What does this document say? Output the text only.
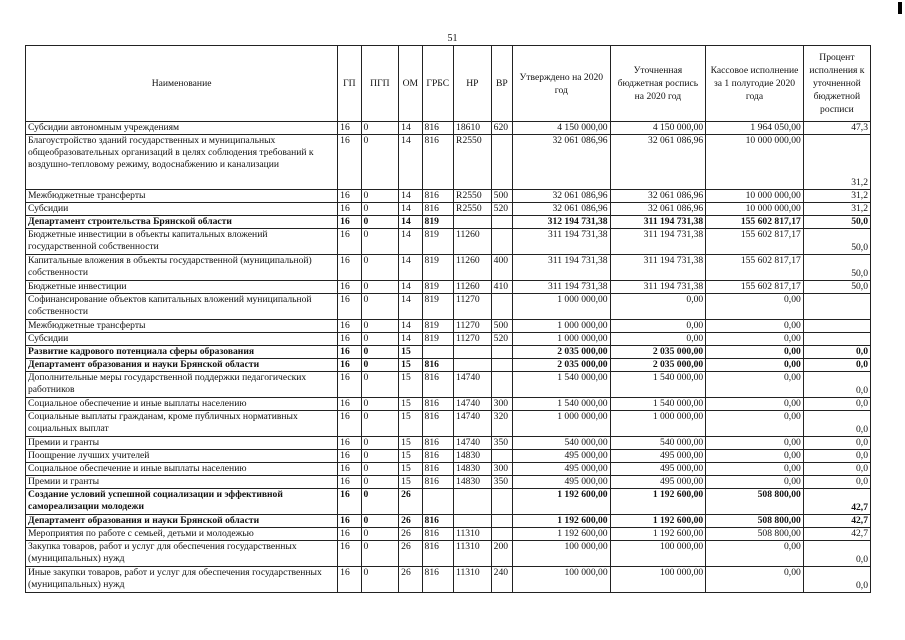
51
Наименование	ГП	ПГП	ОМ	ГРБС	НР	ВР	Утверждено на 2020 год	Уточненная бюджетная роспись на 2020 год	Кассовое исполнение за 1 полугодие 2020 года	Процент исполнения к уточненной бюджетной росписи
Субсидии автономным учреждениям	16	0	14	816	18610	620	4 150 000,00	4 150 000,00	1 964 050,00	47,3
Благоустройство зданий государственных и муниципальных общеобразовательных организаций в целях соблюдения требований к воздушно-тепловому режиму, водоснабжению и канализации	16	0	14	816	R2550		32 061 086,96	32 061 086,96	10 000 000,00	31,2
Межбюджетные трансферты	16	0	14	816	R2550	500	32 061 086,96	32 061 086,96	10 000 000,00	31,2
Субсидии	16	0	14	816	R2550	520	32 061 086,96	32 061 086,96	10 000 000,00	31,2
Департамент строительства Брянской области	16	0	14	819			312 194 731,38	311 194 731,38	155 602 817,17	50,0
Бюджетные инвестиции в объекты капитальных вложений государственной собственности	16	0	14	819	11260		311 194 731,38	311 194 731,38	155 602 817,17	50,0
Капитальные вложения в объекты государственной (муниципальной) собственности	16	0	14	819	11260	400	311 194 731,38	311 194 731,38	155 602 817,17	50,0
Бюджетные инвестиции	16	0	14	819	11260	410	311 194 731,38	311 194 731,38	155 602 817,17	50,0
Софинансирование объектов капитальных вложений муниципальной собственности	16	0	14	819	11270		1 000 000,00	0,00	0,00	
Межбюджетные трансферты	16	0	14	819	11270	500	1 000 000,00	0,00	0,00	
Субсидии	16	0	14	819	11270	520	1 000 000,00	0,00	0,00	
Развитие кадрового потенциала сферы образования	16	0	15				2 035 000,00	2 035 000,00	0,00	0,0
Департамент образования и науки Брянской области	16	0	15	816			2 035 000,00	2 035 000,00	0,00	0,0
Дополнительные меры государственной поддержки педагогических работников	16	0	15	816	14740		1 540 000,00	1 540 000,00	0,00	0,0
Социальное обеспечение и иные выплаты населению	16	0	15	816	14740	300	1 540 000,00	1 540 000,00	0,00	0,0
Социальные выплаты гражданам, кроме публичных нормативных социальных выплат	16	0	15	816	14740	320	1 000 000,00	1 000 000,00	0,00	0,0
Премии и гранты	16	0	15	816	14740	350	540 000,00	540 000,00	0,00	0,0
Поощрение лучших учителей	16	0	15	816	14830		495 000,00	495 000,00	0,00	0,0
Социальное обеспечение и иные выплаты населению	16	0	15	816	14830	300	495 000,00	495 000,00	0,00	0,0
Премии и гранты	16	0	15	816	14830	350	495 000,00	495 000,00	0,00	0,0
Создание условий успешной социализации и эффективной самореализации молодежи	16	0	26				1 192 600,00	1 192 600,00	508 800,00	42,7
Департамент образования и науки Брянской области	16	0	26	816			1 192 600,00	1 192 600,00	508 800,00	42,7
Мероприятия по работе с семьей, детьми и молодежью	16	0	26	816	11310		1 192 600,00	1 192 600,00	508 800,00	42,7
Закупка товаров, работ и услуг для обеспечения государственных (муниципальных) нужд	16	0	26	816	11310	200	100 000,00	100 000,00	0,00	0,0
Иные закупки товаров, работ и услуг для обеспечения государственных (муниципальных) нужд	16	0	26	816	11310	240	100 000,00	100 000,00	0,00	0,0
